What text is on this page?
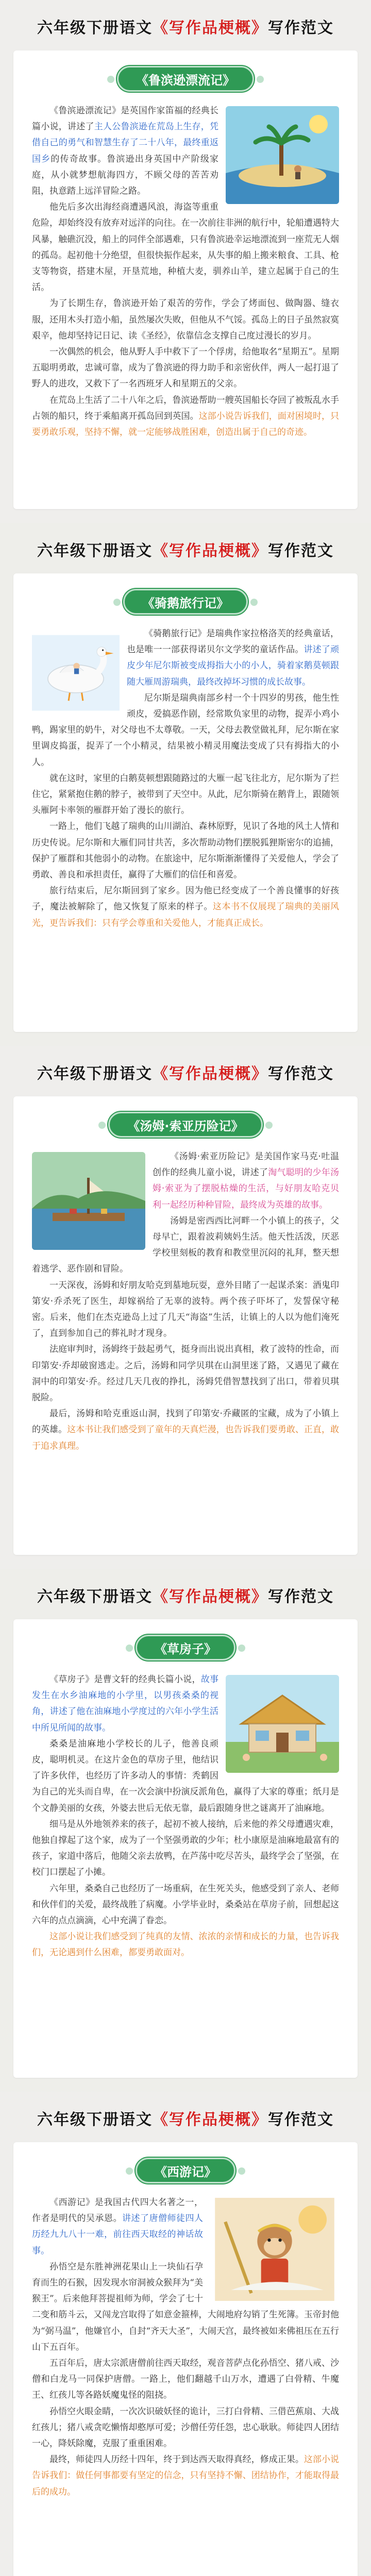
六年级下册语文《写作品梗概》写作范文
《鲁滨逊漂流记》

《鲁滨逊漂流记》是英国作家笛福的经典长篇小说，讲述了主人公鲁滨逊在荒岛上生存，凭借自己的勇气和智慧生存了二十八年，最终重返国乡的传奇故事。鲁滨逊出身英国中产阶级家庭，从小就梦想航海四方，不顾父母的苦苦劝阻，执意踏上远洋冒险之路。

他先后多次出海经商遭遇风浪，海盗等重重危险，却始终没有放弃对远洋的向往。在一次前往非洲的航行中，轮船遭遇特大风暴，触礁沉没，船上的同伴全部遇难，只有鲁滨逊幸运地漂流到一座荒无人烟的孤岛。起初他十分绝望，但很快振作起来，从失事的船上搬来粮食、工具、枪支等物资，搭建木屋，开垦荒地，种植大麦，驯养山羊，建立起属于自己的生活。

为了长期生存，鲁滨逊开始了艰苦的劳作，学会了烤面包、做陶器、缝衣服，还用木头打造小船，虽然屡次失败，但他从不气馁。孤岛上的日子虽然寂寞艰辛，他却坚持记日记、读《圣经》，依靠信念支撑自己度过漫长的岁月。

一次偶然的机会，他从野人手中救下了一个俘虏，给他取名“星期五”。星期五聪明勇敢，忠诚可靠，成为了鲁滨逊的得力助手和亲密伙伴，两人一起打退了野人的进攻，又救下了一名西班牙人和星期五的父亲。

在荒岛上生活了二十八年之后，鲁滨逊帮助一艘英国船长夺回了被叛乱水手占领的船只，终于乘船离开孤岛回到英国。这部小说告诉我们，面对困境时，只要勇敢乐观，坚持不懈，就一定能够战胜困难，创造出属于自己的奇迹。

六年级下册语文《写作品梗概》写作范文
《骑鹅旅行记》

《骑鹅旅行记》是瑞典作家拉格洛芙的经典童话，也是唯一一部获得诺贝尔文学奖的童话作品。讲述了顽皮少年尼尔斯被变成拇指大小的小人，骑着家鹅莫顿跟随大雁周游瑞典，最终改掉坏习惯的成长故事。

尼尔斯是瑞典南部乡村一个十四岁的男孩，他生性顽皮，爱搞恶作剧，经常欺负家里的动物，捉弄小鸡小鸭，踢家里的奶牛，对父母也不太尊敬。一天，父母去教堂做礼拜，尼尔斯在家里调皮捣蛋，捉弄了一个小精灵，结果被小精灵用魔法变成了只有拇指大的小人。

就在这时，家里的白鹅莫顿想跟随路过的大雁一起飞往北方，尼尔斯为了拦住它，紧紧抱住鹅的脖子，被带到了天空中。从此，尼尔斯骑在鹅背上，跟随领头雁阿卡率领的雁群开始了漫长的旅行。

一路上，他们飞越了瑞典的山川湖泊、森林原野，见识了各地的风土人情和历史传说。尼尔斯和大雁们同甘共苦，多次帮助动物们摆脱狐狸斯密尔的追捕，保护了雁群和其他弱小的动物。在旅途中，尼尔斯渐渐懂得了关爱他人，学会了勇敢、善良和承担责任，赢得了大雁们的信任和喜爱。

旅行结束后，尼尔斯回到了家乡。因为他已经变成了一个善良懂事的好孩子，魔法被解除了，他又恢复了原来的样子。这本书不仅展现了瑞典的美丽风光，更告诉我们：只有学会尊重和关爱他人，才能真正成长。

六年级下册语文《写作品梗概》写作范文
《汤姆·索亚历险记》

《汤姆·索亚历险记》是美国作家马克·吐温创作的经典儿童小说，讲述了淘气聪明的少年汤姆·索亚为了摆脱枯燥的生活，与好朋友哈克贝利一起经历种种冒险，最终成为英雄的故事。

汤姆是密西西比河畔一个小镇上的孩子，父母早亡，跟着波莉姨妈生活。他天性活泼，厌恶学校里刻板的教育和教堂里沉闷的礼拜，整天想着逃学、恶作剧和冒险。

一天深夜，汤姆和好朋友哈克到墓地玩耍，意外目睹了一起谋杀案：酒鬼印第安·乔杀死了医生，却嫁祸给了无辜的波特。两个孩子吓坏了，发誓保守秘密。后来，他们在杰克逊岛上过了几天“海盗”生活，让镇上的人以为他们淹死了，直到参加自己的葬礼时才现身。

法庭审判时，汤姆终于鼓起勇气，挺身而出说出真相，救了波特的性命，而印第安·乔却破窗逃走。之后，汤姆和同学贝琪在山洞里迷了路，又遇见了藏在洞中的印第安·乔。经过几天几夜的挣扎，汤姆凭借智慧找到了出口，带着贝琪脱险。

最后，汤姆和哈克重返山洞，找到了印第安·乔藏匿的宝藏，成为了小镇上的英雄。这本书让我们感受到了童年的天真烂漫，也告诉我们要勇敢、正直，敢于追求真理。

六年级下册语文《写作品梗概》写作范文
《草房子》

《草房子》是曹文轩的经典长篇小说，故事发生在水乡油麻地的小学里，以男孩桑桑的视角，讲述了他在油麻地小学度过的六年小学生活中所见所闻的故事。

桑桑是油麻地小学校长的儿子，他善良顽皮，聪明机灵。在这片金色的草房子里，他结识了许多伙伴，也经历了许多动人的事情：秃鹤因为自己的光头而自卑，在一次会演中扮演反派角色，赢得了大家的尊重；纸月是个文静美丽的女孩，外婆去世后无依无靠，最后跟随身世之谜离开了油麻地。

细马是从外地领养来的孩子，起初不被人接纳，后来他的养父母遭遇灾难，他独自撑起了这个家，成为了一个坚强勇敢的少年；杜小康原是油麻地最富有的孩子，家道中落后，他随父亲去放鸭，在芦荡中吃尽苦头，最终学会了坚强，在校门口摆起了小摊。

六年里，桑桑自己也经历了一场重病，在生死关头，他感受到了亲人、老师和伙伴们的关爱，最终战胜了病魔。小学毕业时，桑桑站在草房子前，回想起这六年的点点滴滴，心中充满了眷恋。

这部小说让我们感受到了纯真的友情、浓浓的亲情和成长的力量，也告诉我们，无论遇到什么困难，都要勇敢面对。

六年级下册语文《写作品梗概》写作范文
《西游记》

《西游记》是我国古代四大名著之一，作者是明代的吴承恩。讲述了唐僧师徒四人历经九九八十一难，前往西天取经的神话故事。

孙悟空是东胜神洲花果山上一块仙石孕育而生的石猴，因发现水帘洞被众猴拜为“美猴王”。后来他拜菩提祖师为师，学会了七十二变和筋斗云，又闯龙宫取得了如意金箍棒，大闹地府勾销了生死簿。玉帝封他为“弼马温”，他嫌官小，自封“齐天大圣”，大闹天宫，最终被如来佛祖压在五行山下五百年。

五百年后，唐太宗派唐僧前往西天取经，观音菩萨点化孙悟空、猪八戒、沙僧和白龙马一同保护唐僧。一路上，他们翻越千山万水，遭遇了白骨精、牛魔王、红孩儿等各路妖魔鬼怪的阻挠。

孙悟空火眼金睛，一次次识破妖怪的诡计，三打白骨精、三借芭蕉扇、大战红孩儿；猪八戒贪吃懒惰却憨厚可爱；沙僧任劳任怨，忠心耿耿。师徒四人团结一心，降妖除魔，克服了重重困难。

最终，师徒四人历经十四年，终于到达西天取得真经，修成正果。这部小说告诉我们：做任何事都要有坚定的信念，只有坚持不懈、团结协作，才能取得最后的成功。
